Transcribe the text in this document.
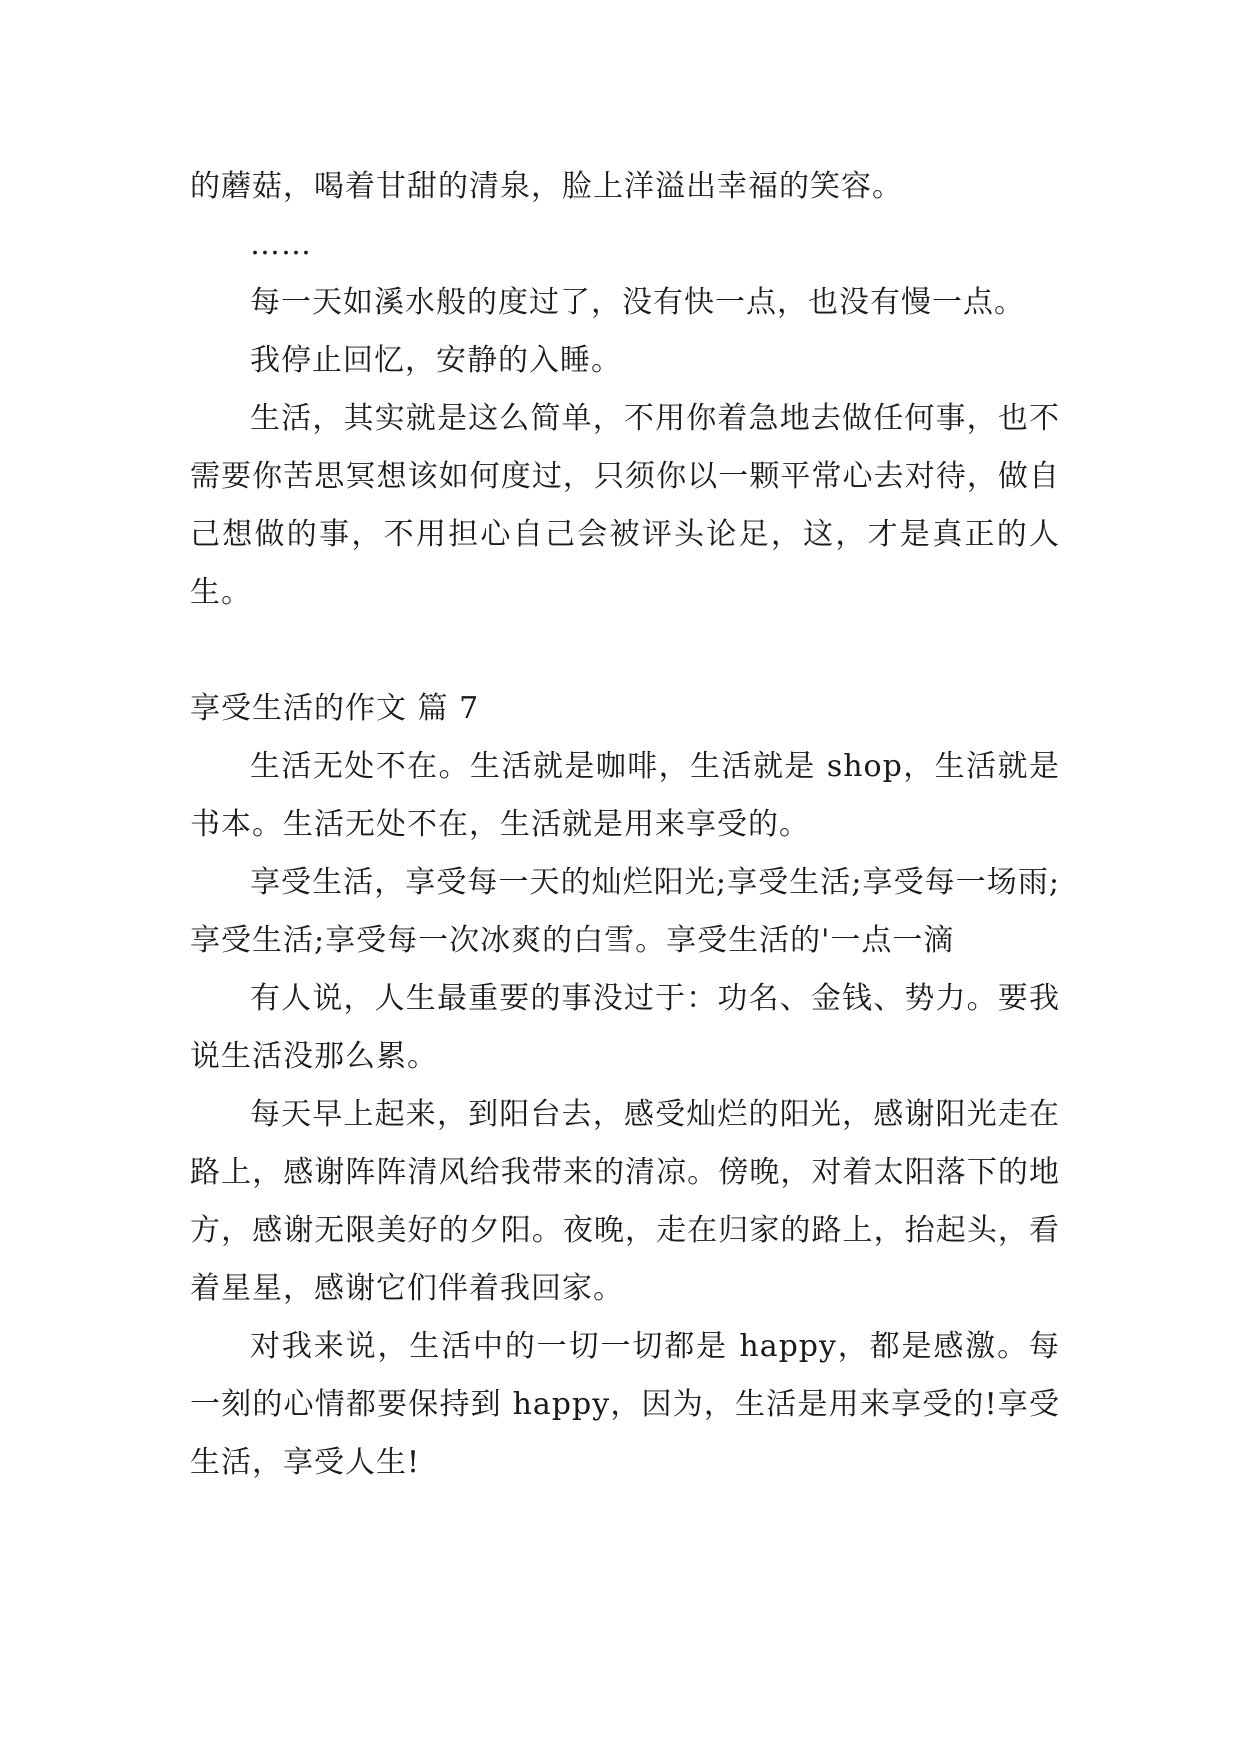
的蘑菇，喝着甘甜的清泉，脸上洋溢出幸福的笑容。

……

每一天如溪水般的度过了，没有快一点，也没有慢一点。

我停止回忆，安静的入睡。

生活，其实就是这么简单，不用你着急地去做任何事，也不需要你苦思冥想该如何度过，只须你以一颗平常心去对待，做自己想做的事，不用担心自己会被评头论足，这，才是真正的人生。

享受生活的作文 篇 7

生活无处不在。生活就是咖啡，生活就是 shop，生活就是书本。生活无处不在，生活就是用来享受的。

享受生活，享受每一天的灿烂阳光;享受生活;享受每一场雨;享受生活;享受每一次冰爽的白雪。享受生活的'一点一滴

有人说，人生最重要的事没过于：功名、金钱、势力。要我说生活没那么累。

每天早上起来，到阳台去，感受灿烂的阳光，感谢阳光走在路上，感谢阵阵清风给我带来的清凉。傍晚，对着太阳落下的地方，感谢无限美好的夕阳。夜晚，走在归家的路上，抬起头，看着星星，感谢它们伴着我回家。

对我来说，生活中的一切一切都是 happy，都是感激。每一刻的心情都要保持到 happy，因为，生活是用来享受的!享受生活，享受人生!
